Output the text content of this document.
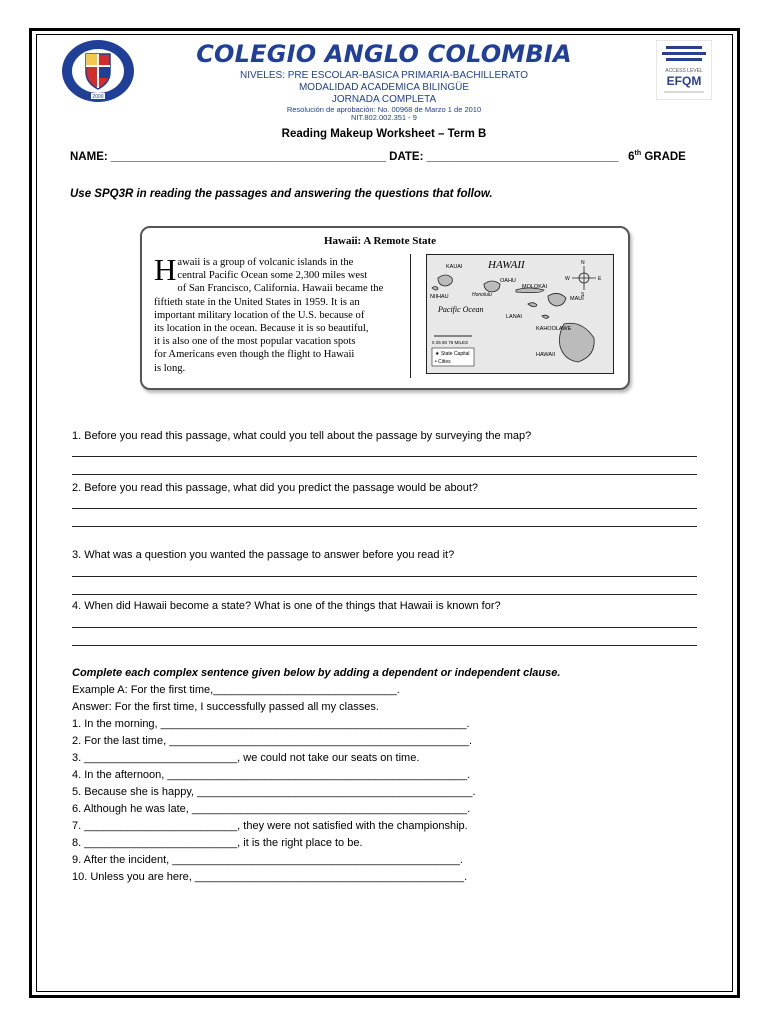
2000
ACCESS LEVEL
EFQM
COLEGIO ANGLO COLOMBIA
NIVELES: PRE ESCOLAR-BASICA PRIMARIA-BACHILLERATO
MODALIDAD ACADEMICA BILINGÜE
JORNADA COMPLETA
Resolución de aprobación: No. 00968 de Marzo 1 de 2010
NIT.802.002.351 - 9
Reading Makeup Worksheet – Term B
NAME: ___________________________________________ DATE: ______________________________ 6th GRADE
Use SPQ3R in reading the passages and answering the questions that follow.
Hawaii: A Remote State
Hawaii is a group of volcanic islands in the
central Pacific Ocean some 2,300 miles west
of San Francisco, California. Hawaii became the
fiftieth state in the United States in 1959. It is an
important military location of the U.S. because of
its location in the ocean. Because it is so beautiful,
it is also one of the most popular vacation spots
for Americans even though the flight to Hawaii
is long.
HAWAII
KAUAI
NIIHAU
OAHU
Honolulu
MOLOKAI
MAUI
LANAI
KAHOOLAWE
HAWAII
Pacific Ocean
N
S
E
W
0 25 50 75 MILES
★ State Capital
• Cities
1. Before you read this passage, what could you tell about the passage by surveying the map?
2. Before you read this passage, what did you predict the passage would be about?
3. What was a question you wanted the passage to answer before you read it?
4. When did Hawaii become a state? What is one of the things that Hawaii is known for?
Complete each complex sentence given below by adding a dependent or independent clause.
Example A: For the first time,______________________________.
Answer: For the first time, I successfully passed all my classes.
1. In the morning, __________________________________________________.
2. For the last time, _________________________________________________.
3. _________________________, we could not take our seats on time.
4. In the afternoon, _________________________________________________.
5. Because she is happy, _____________________________________________.
6. Although he was late, _____________________________________________.
7. _________________________, they were not satisfied with the championship.
8. _________________________, it is the right place to be.
9. After the incident, _______________________________________________.
10. Unless you are here, ____________________________________________.
